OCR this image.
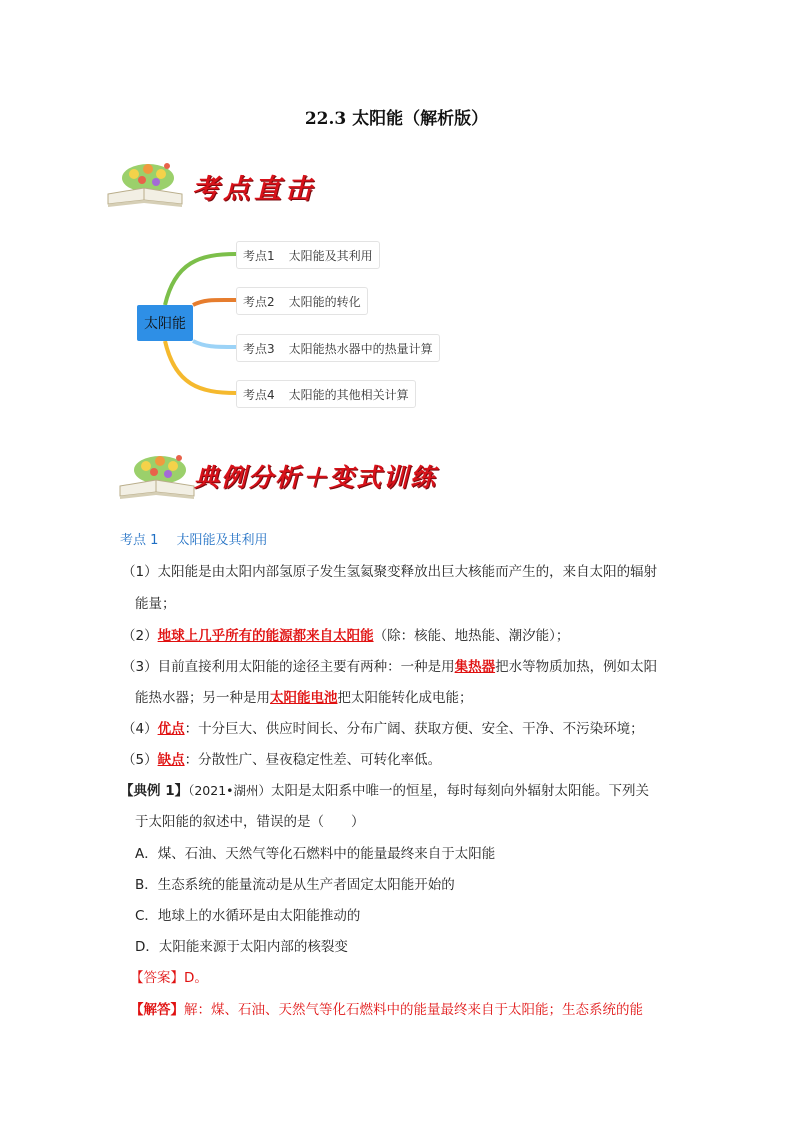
22.3 太阳能（解析版）
考点直击
太阳能
考点1 太阳能及其利用
考点2 太阳能的转化
考点3 太阳能热水器中的热量计算
考点4 太阳能的其他相关计算
典例分析＋变式训练
考点 1 太阳能及其利用
（1）太阳能是由太阳内部氢原子发生氢氦聚变释放出巨大核能而产生的，来自太阳的辐射
能量；
（2）地球上几乎所有的能源都来自太阳能（除：核能、地热能、潮汐能）；
（3）目前直接利用太阳能的途径主要有两种：一种是用集热器把水等物质加热，例如太阳
能热水器；另一种是用太阳能电池把太阳能转化成电能；
（4）优点：十分巨大、供应时间长、分布广阔、获取方便、安全、干净、不污染环境；
（5）缺点：分散性广、昼夜稳定性差、可转化率低。
【典例 1】（2021•湖州）太阳是太阳系中唯一的恒星，每时每刻向外辐射太阳能。下列关
于太阳能的叙述中，错误的是（　　）
A．煤、石油、天然气等化石燃料中的能量最终来自于太阳能
B．生态系统的能量流动是从生产者固定太阳能开始的
C．地球上的水循环是由太阳能推动的
D．太阳能来源于太阳内部的核裂变
【答案】D。
【解答】解：煤、石油、天然气等化石燃料中的能量最终来自于太阳能；生态系统的能
